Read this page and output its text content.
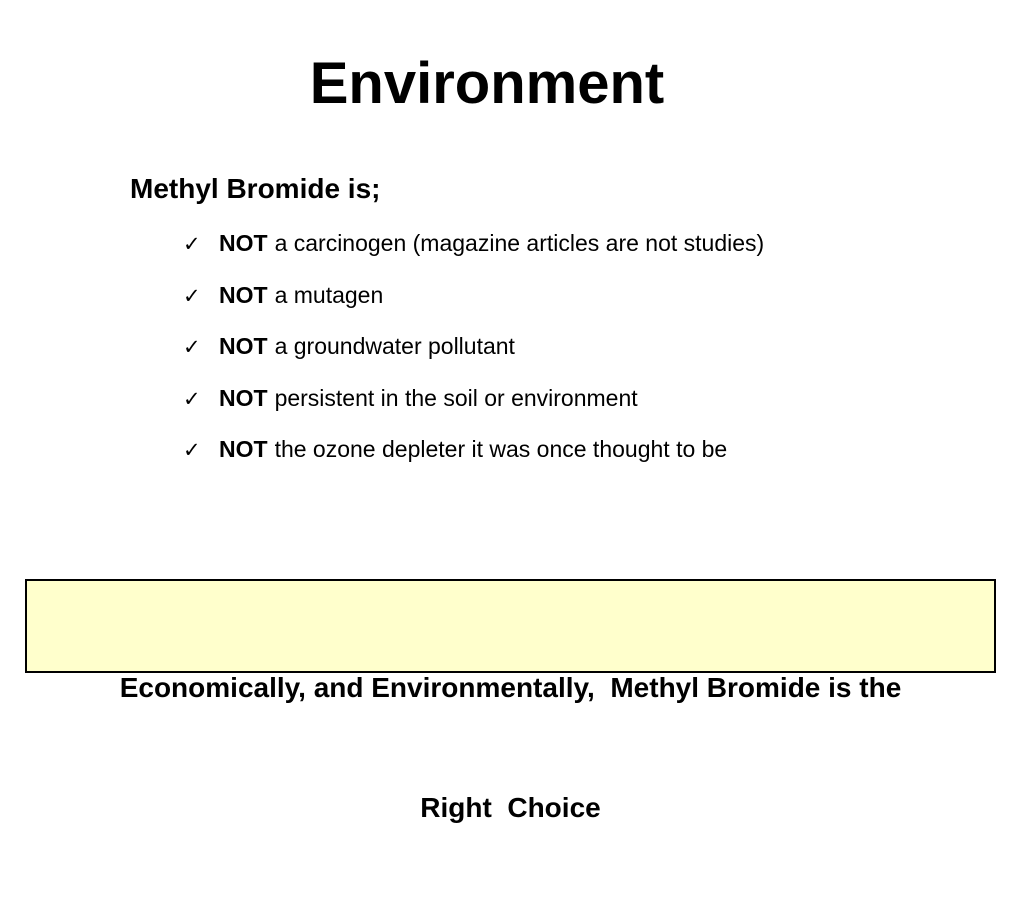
Environment

Methyl Bromide is;

✓ NOT a carcinogen (magazine articles are not studies)
✓ NOT a mutagen
✓ NOT a groundwater pollutant
✓ NOT persistent in the soil or environment
✓ NOT the ozone depleter it was once thought to be

Economically, and Environmentally,  Methyl Bromide is the

Right  Choice
